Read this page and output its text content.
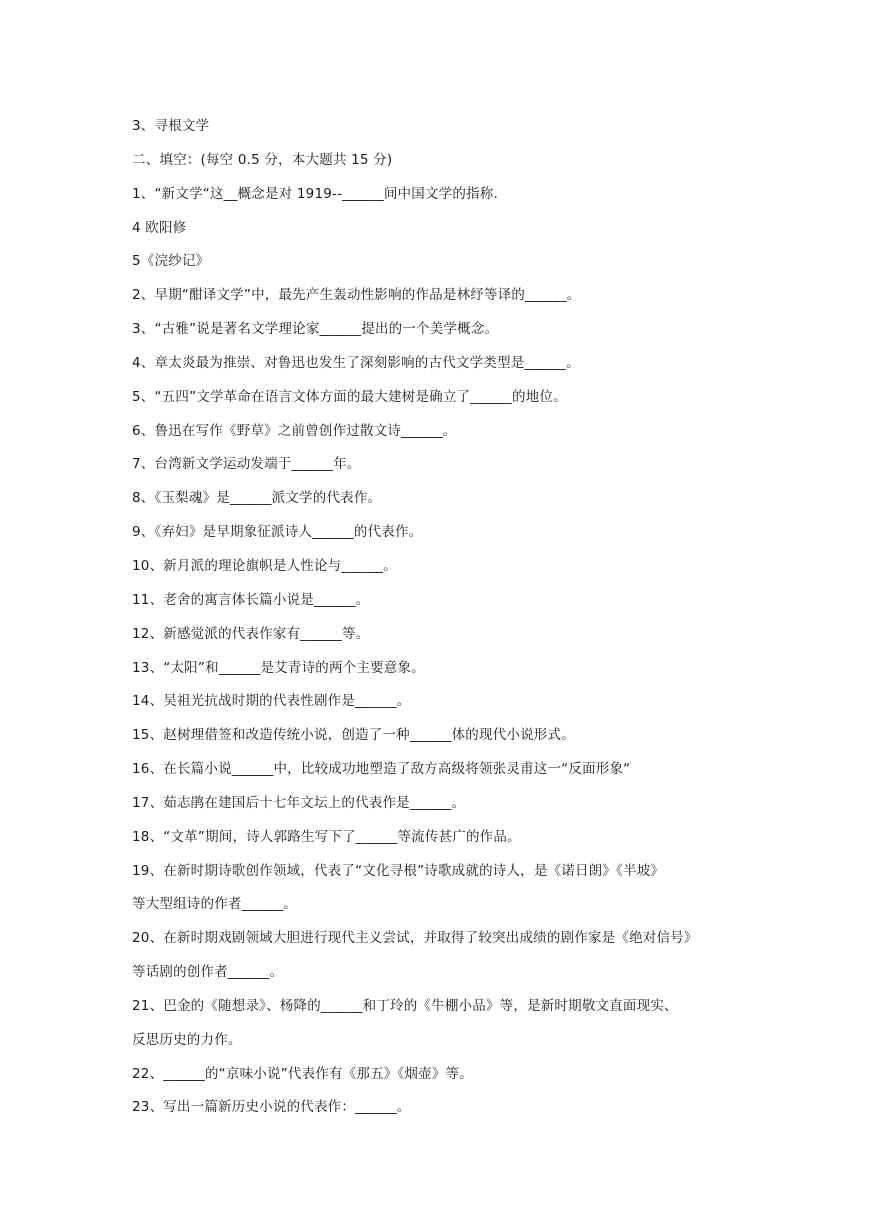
3、寻根文学
二、填空：(每空 0.5 分，本大题共 15 分)
1、“新文学“这__概念是对 1919--______间中国文学的指称.
4 欧阳修
5《浣纱记》
2、早期“酣译文学”中，最先产生轰动性影响的作品是林纾等译的______。
3、“古雅”说是著名文学理论家______提出的一个美学概念。
4、章太炎最为推崇、对鲁迅也发生了深刻影响的古代文学类型是______。
5、“五四”文学革命在语言文体方面的最大建树是确立了______的地位。
6、鲁迅在写作《野草》之前曾创作过散文诗______。
7、台湾新文学运动发端于______年。
8、《玉梨魂》是______派文学的代表作。
9、《弃妇》是早期象征派诗人______的代表作。
10、新月派的理论旗帜是人性论与______。
11、老舍的寓言体长篇小说是______。
12、新感觉派的代表作家有______等。
13、“太阳”和______是艾青诗的两个主要意象。
14、吴祖光抗战时期的代表性剧作是______。
15、赵树理借签和改造传统小说，创造了一种______体的现代小说形式。
16、在长篇小说______中，比较成功地塑造了敌方高级将领张灵甫这一“反面形象“
17、茹志鹃在建国后十七年文坛上的代表作是______。
18、“文革”期间，诗人郭路生写下了______等流传甚广的作品。
19、在新时期诗歌创作领域，代表了“文化寻根”诗歌成就的诗人，是《诺日朗》《半坡》
等大型组诗的作者______。
20、在新时期戏剧领域大胆进行现代主义尝试，并取得了较突出成绩的剧作家是《绝对信号》
等话剧的创作者______。
21、巴金的《随想录》、杨降的______和丁玲的《牛棚小品》等，是新时期敬文直面现实、
反思历史的力作。
22、______的“京味小说”代表作有《那五》《烟壶》等。
23、写出一篇新历史小说的代表作：______。
